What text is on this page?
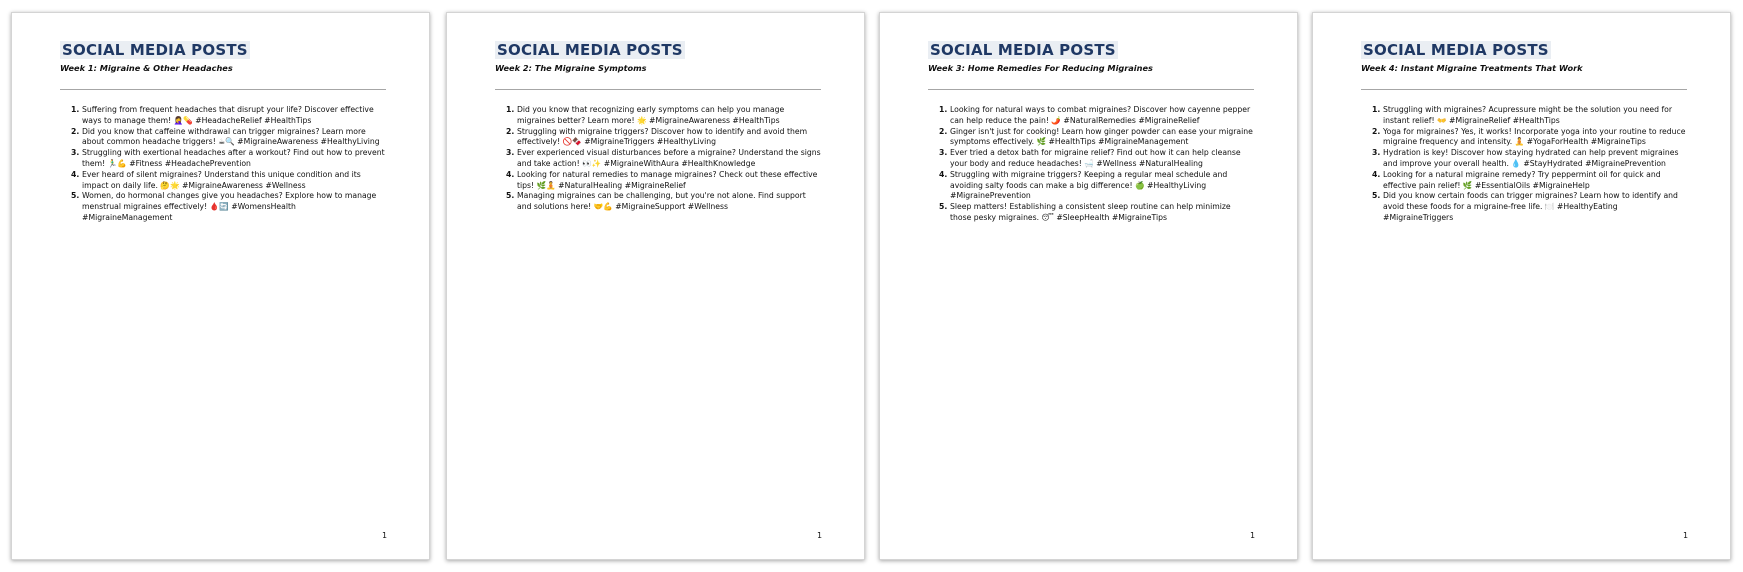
SOCIAL MEDIA POSTS
Week 1: Migraine & Other Headaches
1. Suffering from frequent headaches that disrupt your life? Discover effective ways to manage them! 🤦‍♀️💊 #HeadacheRelief #HealthTips
2. Did you know that caffeine withdrawal can trigger migraines? Learn more about common headache triggers! ☕🔍 #MigraineAwareness #HealthyLiving
3. Struggling with exertional headaches after a workout? Find out how to prevent them! 🏃‍♂️💪 #Fitness #HeadachePrevention
4. Ever heard of silent migraines? Understand this unique condition and its impact on daily life. 🤔🌟 #MigraineAwareness #Wellness
5. Women, do hormonal changes give you headaches? Explore how to manage menstrual migraines effectively! 🩸🔄 #WomensHealth #MigraineManagement
1
SOCIAL MEDIA POSTS
Week 2: The Migraine Symptoms
1. Did you know that recognizing early symptoms can help you manage migraines better? Learn more! 🌟 #MigraineAwareness #HealthTips
2. Struggling with migraine triggers? Discover how to identify and avoid them effectively! 🚫🍫 #MigraineTriggers #HealthyLiving
3. Ever experienced visual disturbances before a migraine? Understand the signs and take action! 👀✨ #MigraineWithAura #HealthKnowledge
4. Looking for natural remedies to manage migraines? Check out these effective tips! 🌿🧘 #NaturalHealing #MigraineRelief
5. Managing migraines can be challenging, but you're not alone. Find support and solutions here! 🤝💪 #MigraineSupport #Wellness
1
SOCIAL MEDIA POSTS
Week 3: Home Remedies For Reducing Migraines
1. Looking for natural ways to combat migraines? Discover how cayenne pepper can help reduce the pain! 🌶️ #NaturalRemedies #MigraineRelief
2. Ginger isn't just for cooking! Learn how ginger powder can ease your migraine symptoms effectively. 🌿 #HealthTips #MigraineManagement
3. Ever tried a detox bath for migraine relief? Find out how it can help cleanse your body and reduce headaches! 🛁 #Wellness #NaturalHealing
4. Struggling with migraine triggers? Keeping a regular meal schedule and avoiding salty foods can make a big difference! 🍏 #HealthyLiving #MigrainePrevention
5. Sleep matters! Establishing a consistent sleep routine can help minimize those pesky migraines. 😴 #SleepHealth #MigraineTips
1
SOCIAL MEDIA POSTS
Week 4: Instant Migraine Treatments That Work
1. Struggling with migraines? Acupressure might be the solution you need for instant relief! 👐 #MigraineRelief #HealthTips
2. Yoga for migraines? Yes, it works! Incorporate yoga into your routine to reduce migraine frequency and intensity. 🧘 #YogaForHealth #MigraineTips
3. Hydration is key! Discover how staying hydrated can help prevent migraines and improve your overall health. 💧 #StayHydrated #MigrainePrevention
4. Looking for a natural migraine remedy? Try peppermint oil for quick and effective pain relief! 🌿 #EssentialOils #MigraineHelp
5. Did you know certain foods can trigger migraines? Learn how to identify and avoid these foods for a migraine-free life. 🍽️ #HealthyEating #MigraineTriggers
1
